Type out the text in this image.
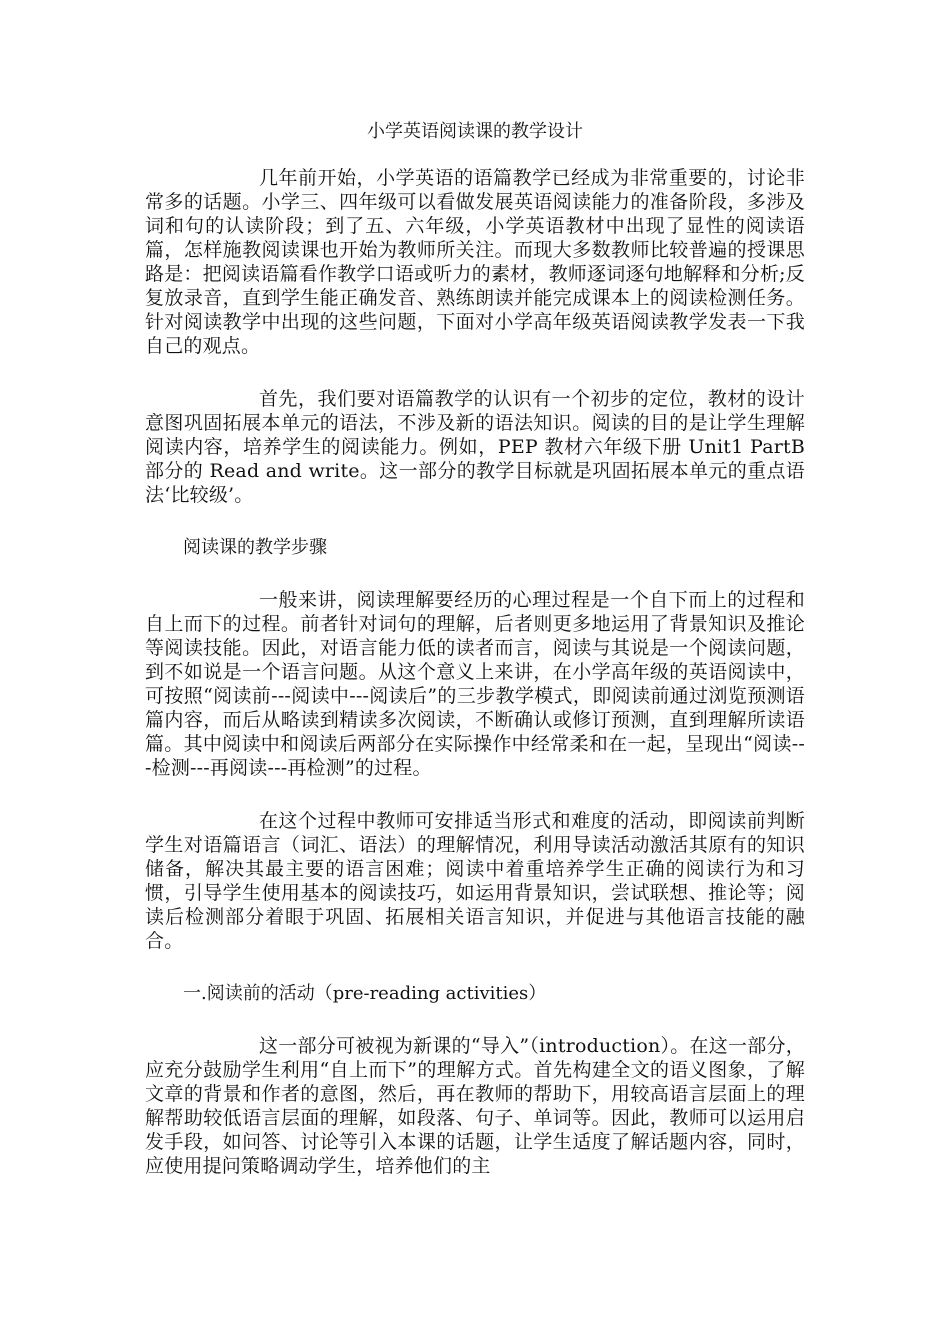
小学英语阅读课的教学设计

几年前开始，小学英语的语篇教学已经成为非常重要的，讨论非常多的话题。小学三、四年级可以看做发展英语阅读能力的准备阶段，多涉及词和句的认读阶段；到了五、六年级，小学英语教材中出现了显性的阅读语篇，怎样施教阅读课也开始为教师所关注。而现大多数教师比较普遍的授课思路是：把阅读语篇看作教学口语或听力的素材，教师逐词逐句地解释和分析;反复放录音，直到学生能正确发音、熟练朗读并能完成课本上的阅读检测任务。针对阅读教学中出现的这些问题，下面对小学高年级英语阅读教学发表一下我自己的观点。

首先，我们要对语篇教学的认识有一个初步的定位，教材的设计意图巩固拓展本单元的语法，不涉及新的语法知识。阅读的目的是让学生理解阅读内容，培养学生的阅读能力。例如，PEP 教材六年级下册 Unit1 PartB 部分的 Read and write。这一部分的教学目标就是巩固拓展本单元的重点语法‘比较级’。

阅读课的教学步骤

一般来讲，阅读理解要经历的心理过程是一个自下而上的过程和自上而下的过程。前者针对词句的理解，后者则更多地运用了背景知识及推论等阅读技能。因此，对语言能力低的读者而言，阅读与其说是一个阅读问题，到不如说是一个语言问题。从这个意义上来讲，在小学高年级的英语阅读中，可按照“阅读前---阅读中---阅读后”的三步教学模式，即阅读前通过浏览预测语篇内容，而后从略读到精读多次阅读，不断确认或修订预测，直到理解所读语篇。其中阅读中和阅读后两部分在实际操作中经常柔和在一起，呈现出“阅读---检测---再阅读---再检测”的过程。

在这个过程中教师可安排适当形式和难度的活动，即阅读前判断学生对语篇语言（词汇、语法）的理解情况，利用导读活动激活其原有的知识储备，解决其最主要的语言困难；阅读中着重培养学生正确的阅读行为和习惯，引导学生使用基本的阅读技巧，如运用背景知识，尝试联想、推论等；阅读后检测部分着眼于巩固、拓展相关语言知识，并促进与其他语言技能的融合。

一.阅读前的活动（pre-reading activities）

这一部分可被视为新课的“导入”（introduction）。在这一部分，应充分鼓励学生利用“自上而下”的理解方式。首先构建全文的语义图象，了解文章的背景和作者的意图，然后，再在教师的帮助下，用较高语言层面上的理解帮助较低语言层面的理解，如段落、句子、单词等。因此，教师可以运用启发手段，如问答、讨论等引入本课的话题，让学生适度了解话题内容，同时，应使用提问策略调动学生，培养他们的主
